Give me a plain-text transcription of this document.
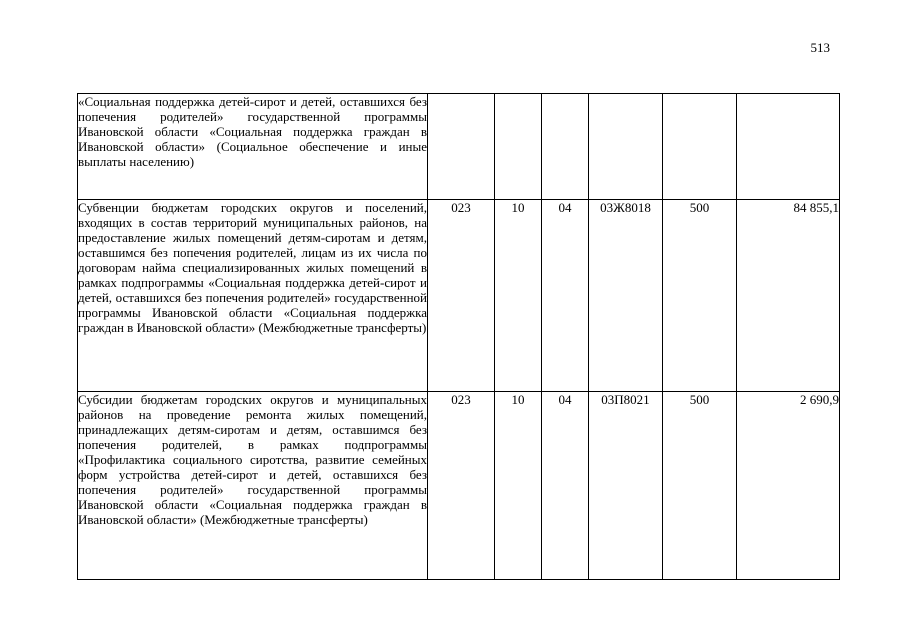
513
«Социальная поддержка детей-сирот и детей, оставшихся без попечения родителей» государственной программы Ивановской области «Социальная поддержка граждан в Ивановской области» (Социальное обеспечение и иные выплаты населению)						
Субвенции бюджетам городских округов и поселений, входящих в состав территорий муниципальных районов, на предоставление жилых помещений детям-сиротам и детям, оставшимся без попечения родителей, лицам из их числа по договорам найма специализированных жилых помещений в рамках подпрограммы «Социальная поддержка детей-сирот и детей, оставшихся без попечения родителей» государственной программы Ивановской области «Социальная поддержка граждан в Ивановской области» (Межбюджетные трансферты)	023	10	04	03Ж8018	500	84 855,1
Субсидии бюджетам городских округов и муниципальных районов на проведение ремонта жилых помещений, принадлежащих детям-сиротам и детям, оставшимся без попечения родителей, в рамках подпрограммы «Профилактика социального сиротства, развитие семейных форм устройства детей-сирот и детей, оставшихся без попечения родителей» государственной программы Ивановской области «Социальная поддержка граждан в Ивановской области» (Межбюджетные трансферты)	023	10	04	03П8021	500	2 690,9
